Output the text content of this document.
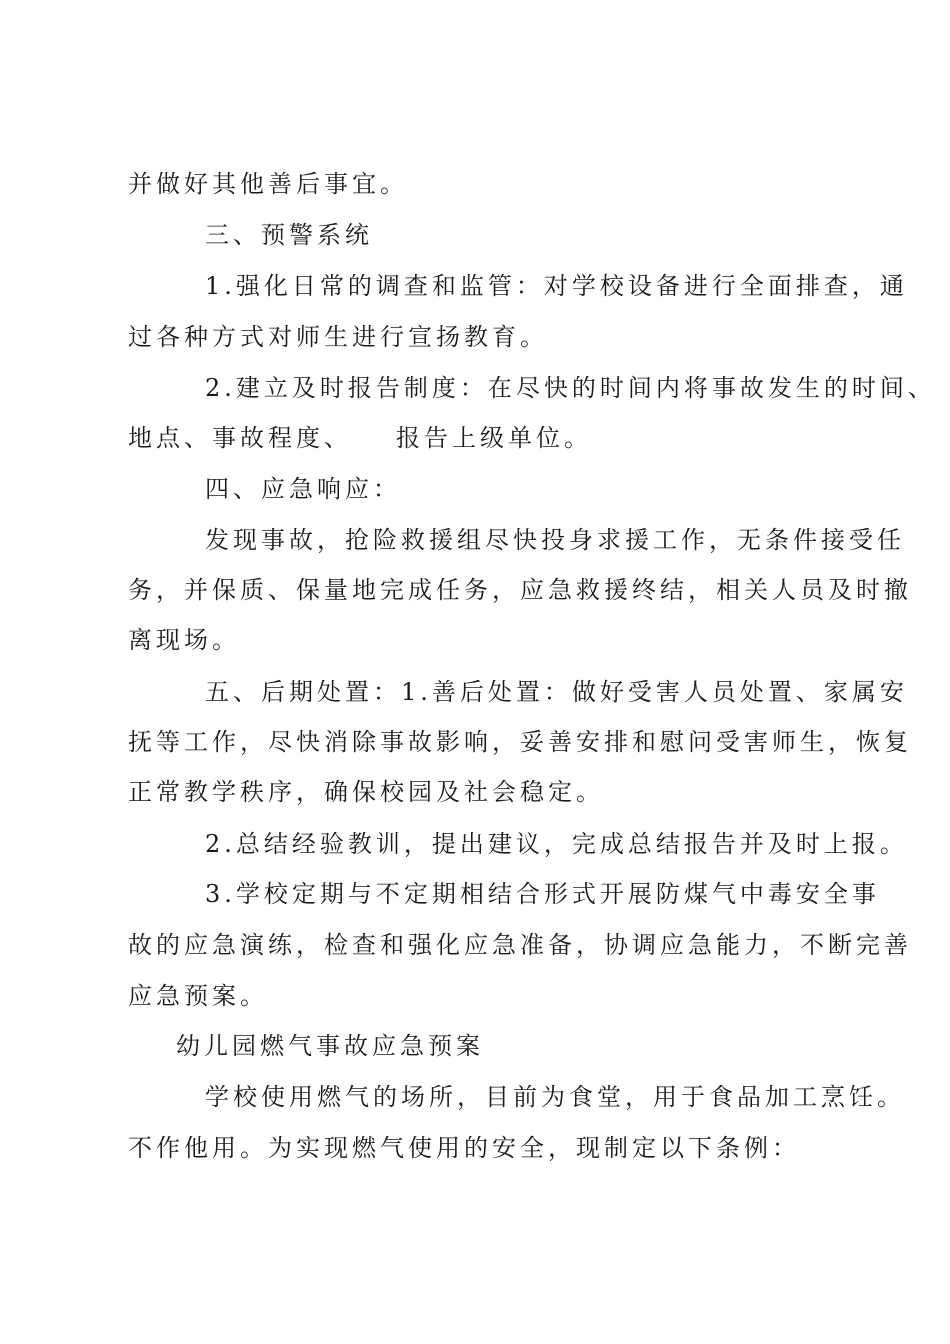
并做好其他善后事宜。
三、预警系统
1.强化日常的调查和监管：对学校设备进行全面排查，通
过各种方式对师生进行宣扬教育。
2.建立及时报告制度：在尽快的时间内将事故发生的时间、
地点、事故程度、　　报告上级单位。
四、应急响应：
发现事故，抢险救援组尽快投身求援工作，无条件接受任
务，并保质、保量地完成任务，应急救援终结，相关人员及时撤
离现场。
五、后期处置：1.善后处置：做好受害人员处置、家属安
抚等工作，尽快消除事故影响，妥善安排和慰问受害师生，恢复
正常教学秩序，确保校园及社会稳定。
2.总结经验教训，提出建议，完成总结报告并及时上报。
3.学校定期与不定期相结合形式开展防煤气中毒安全事
故的应急演练，检查和强化应急准备，协调应急能力，不断完善
应急预案。
幼儿园燃气事故应急预案
学校使用燃气的场所，目前为食堂，用于食品加工烹饪。
不作他用。为实现燃气使用的安全，现制定以下条例：
